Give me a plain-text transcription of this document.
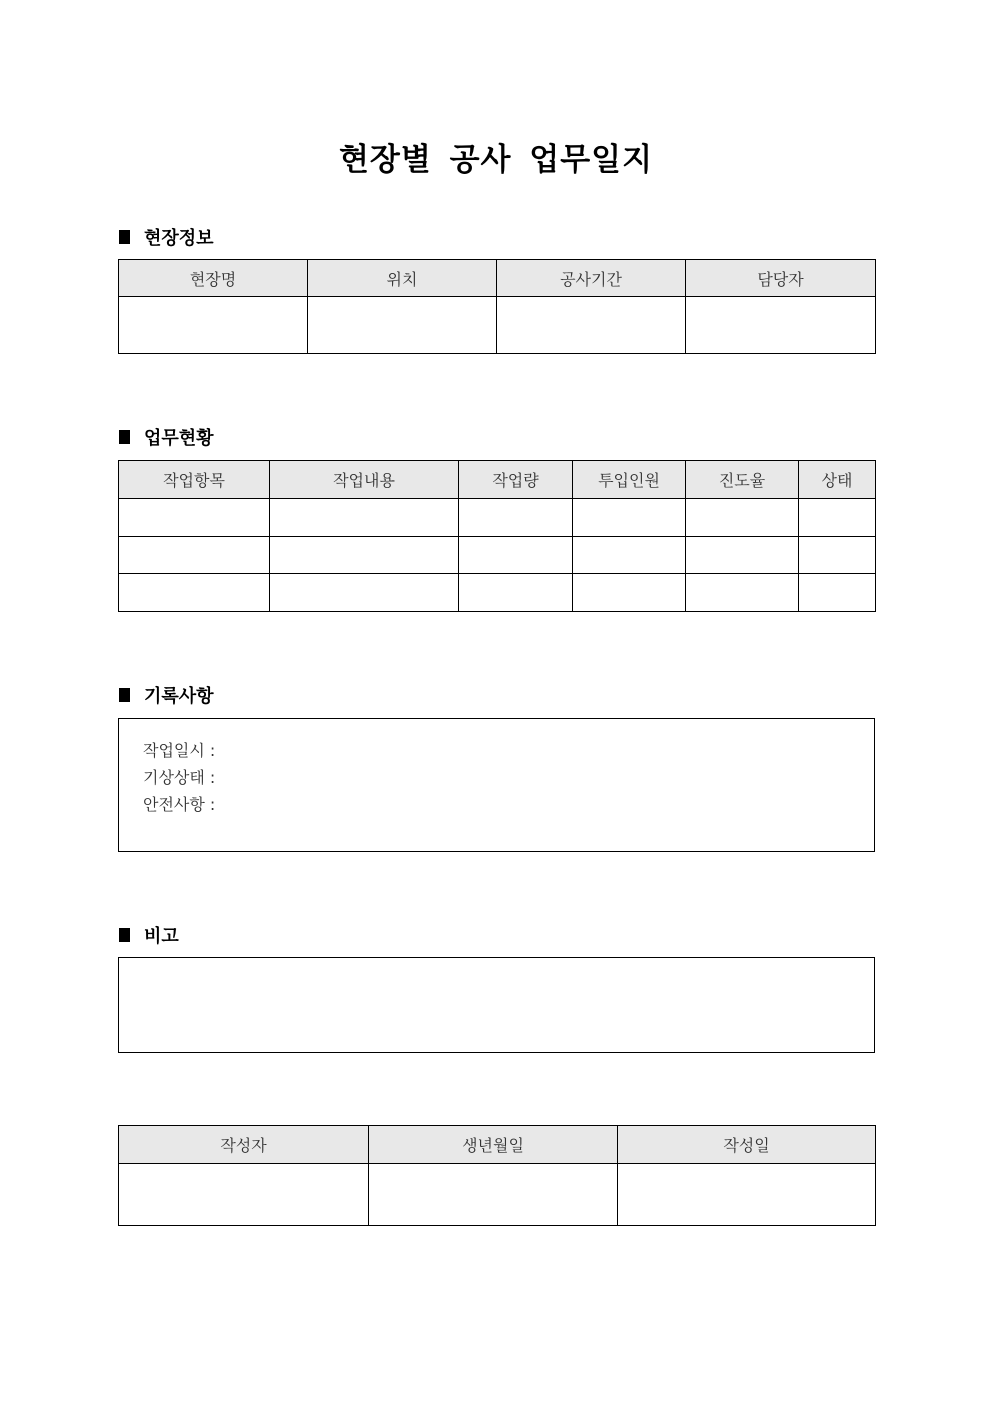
현장별 공사 업무일지
현장정보
현장명	위치	공사기간	담당자

업무현황
작업항목	작업내용	작업량	투입인원	진도율	상태

기록사항
작업일시 :
기상상태 :
안전사항 :
비고
작성자	생년월일	작성일
